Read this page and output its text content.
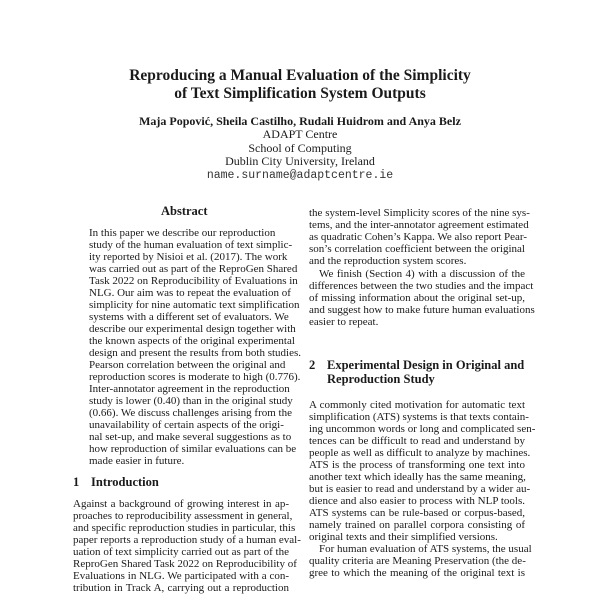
Reproducing a Manual Evaluation of the Simplicity
of Text Simplification System Outputs
Maja Popović, Sheila Castilho, Rudali Huidrom and Anya Belz
ADAPT Centre
School of Computing
Dublin City University, Ireland
name.surname@adaptcentre.ie
Abstract
In this paper we describe our reproduction
study of the human evaluation of text simplic-
ity reported by Nisioi et al. (2017). The work
was carried out as part of the ReproGen Shared
Task 2022 on Reproducibility of Evaluations in
NLG. Our aim was to repeat the evaluation of
simplicity for nine automatic text simplification
systems with a different set of evaluators. We
describe our experimental design together with
the known aspects of the original experimental
design and present the results from both studies.
Pearson correlation between the original and
reproduction scores is moderate to high (0.776).
Inter-annotator agreement in the reproduction
study is lower (0.40) than in the original study
(0.66). We discuss challenges arising from the
unavailability of certain aspects of the origi-
nal set-up, and make several suggestions as to
how reproduction of similar evaluations can be
made easier in future.
1 Introduction
Against a background of growing interest in ap-
proaches to reproducibility assessment in general,
and specific reproduction studies in particular, this
paper reports a reproduction study of a human eval-
uation of text simplicity carried out as part of the
ReproGen Shared Task 2022 on Reproducibility of
Evaluations in NLG. We participated with a con-
tribution in Track A, carrying out a reproduction
the system-level Simplicity scores of the nine sys-
tems, and the inter-annotator agreement estimated
as quadratic Cohen’s Kappa. We also report Pear-
son’s correlation coefficient between the original
and the reproduction system scores.
We finish (Section 4) with a discussion of the
differences between the two studies and the impact
of missing information about the original set-up,
and suggest how to make future human evaluations
easier to repeat.
2 Experimental Design in Original and
Reproduction Study
A commonly cited motivation for automatic text
simplification (ATS) systems is that texts contain-
ing uncommon words or long and complicated sen-
tences can be difficult to read and understand by
people as well as difficult to analyze by machines.
ATS is the process of transforming one text into
another text which ideally has the same meaning,
but is easier to read and understand by a wider au-
dience and also easier to process with NLP tools.
ATS systems can be rule-based or corpus-based,
namely trained on parallel corpora consisting of
original texts and their simplified versions.
For human evaluation of ATS systems, the usual
quality criteria are Meaning Preservation (the de-
gree to which the meaning of the original text is
